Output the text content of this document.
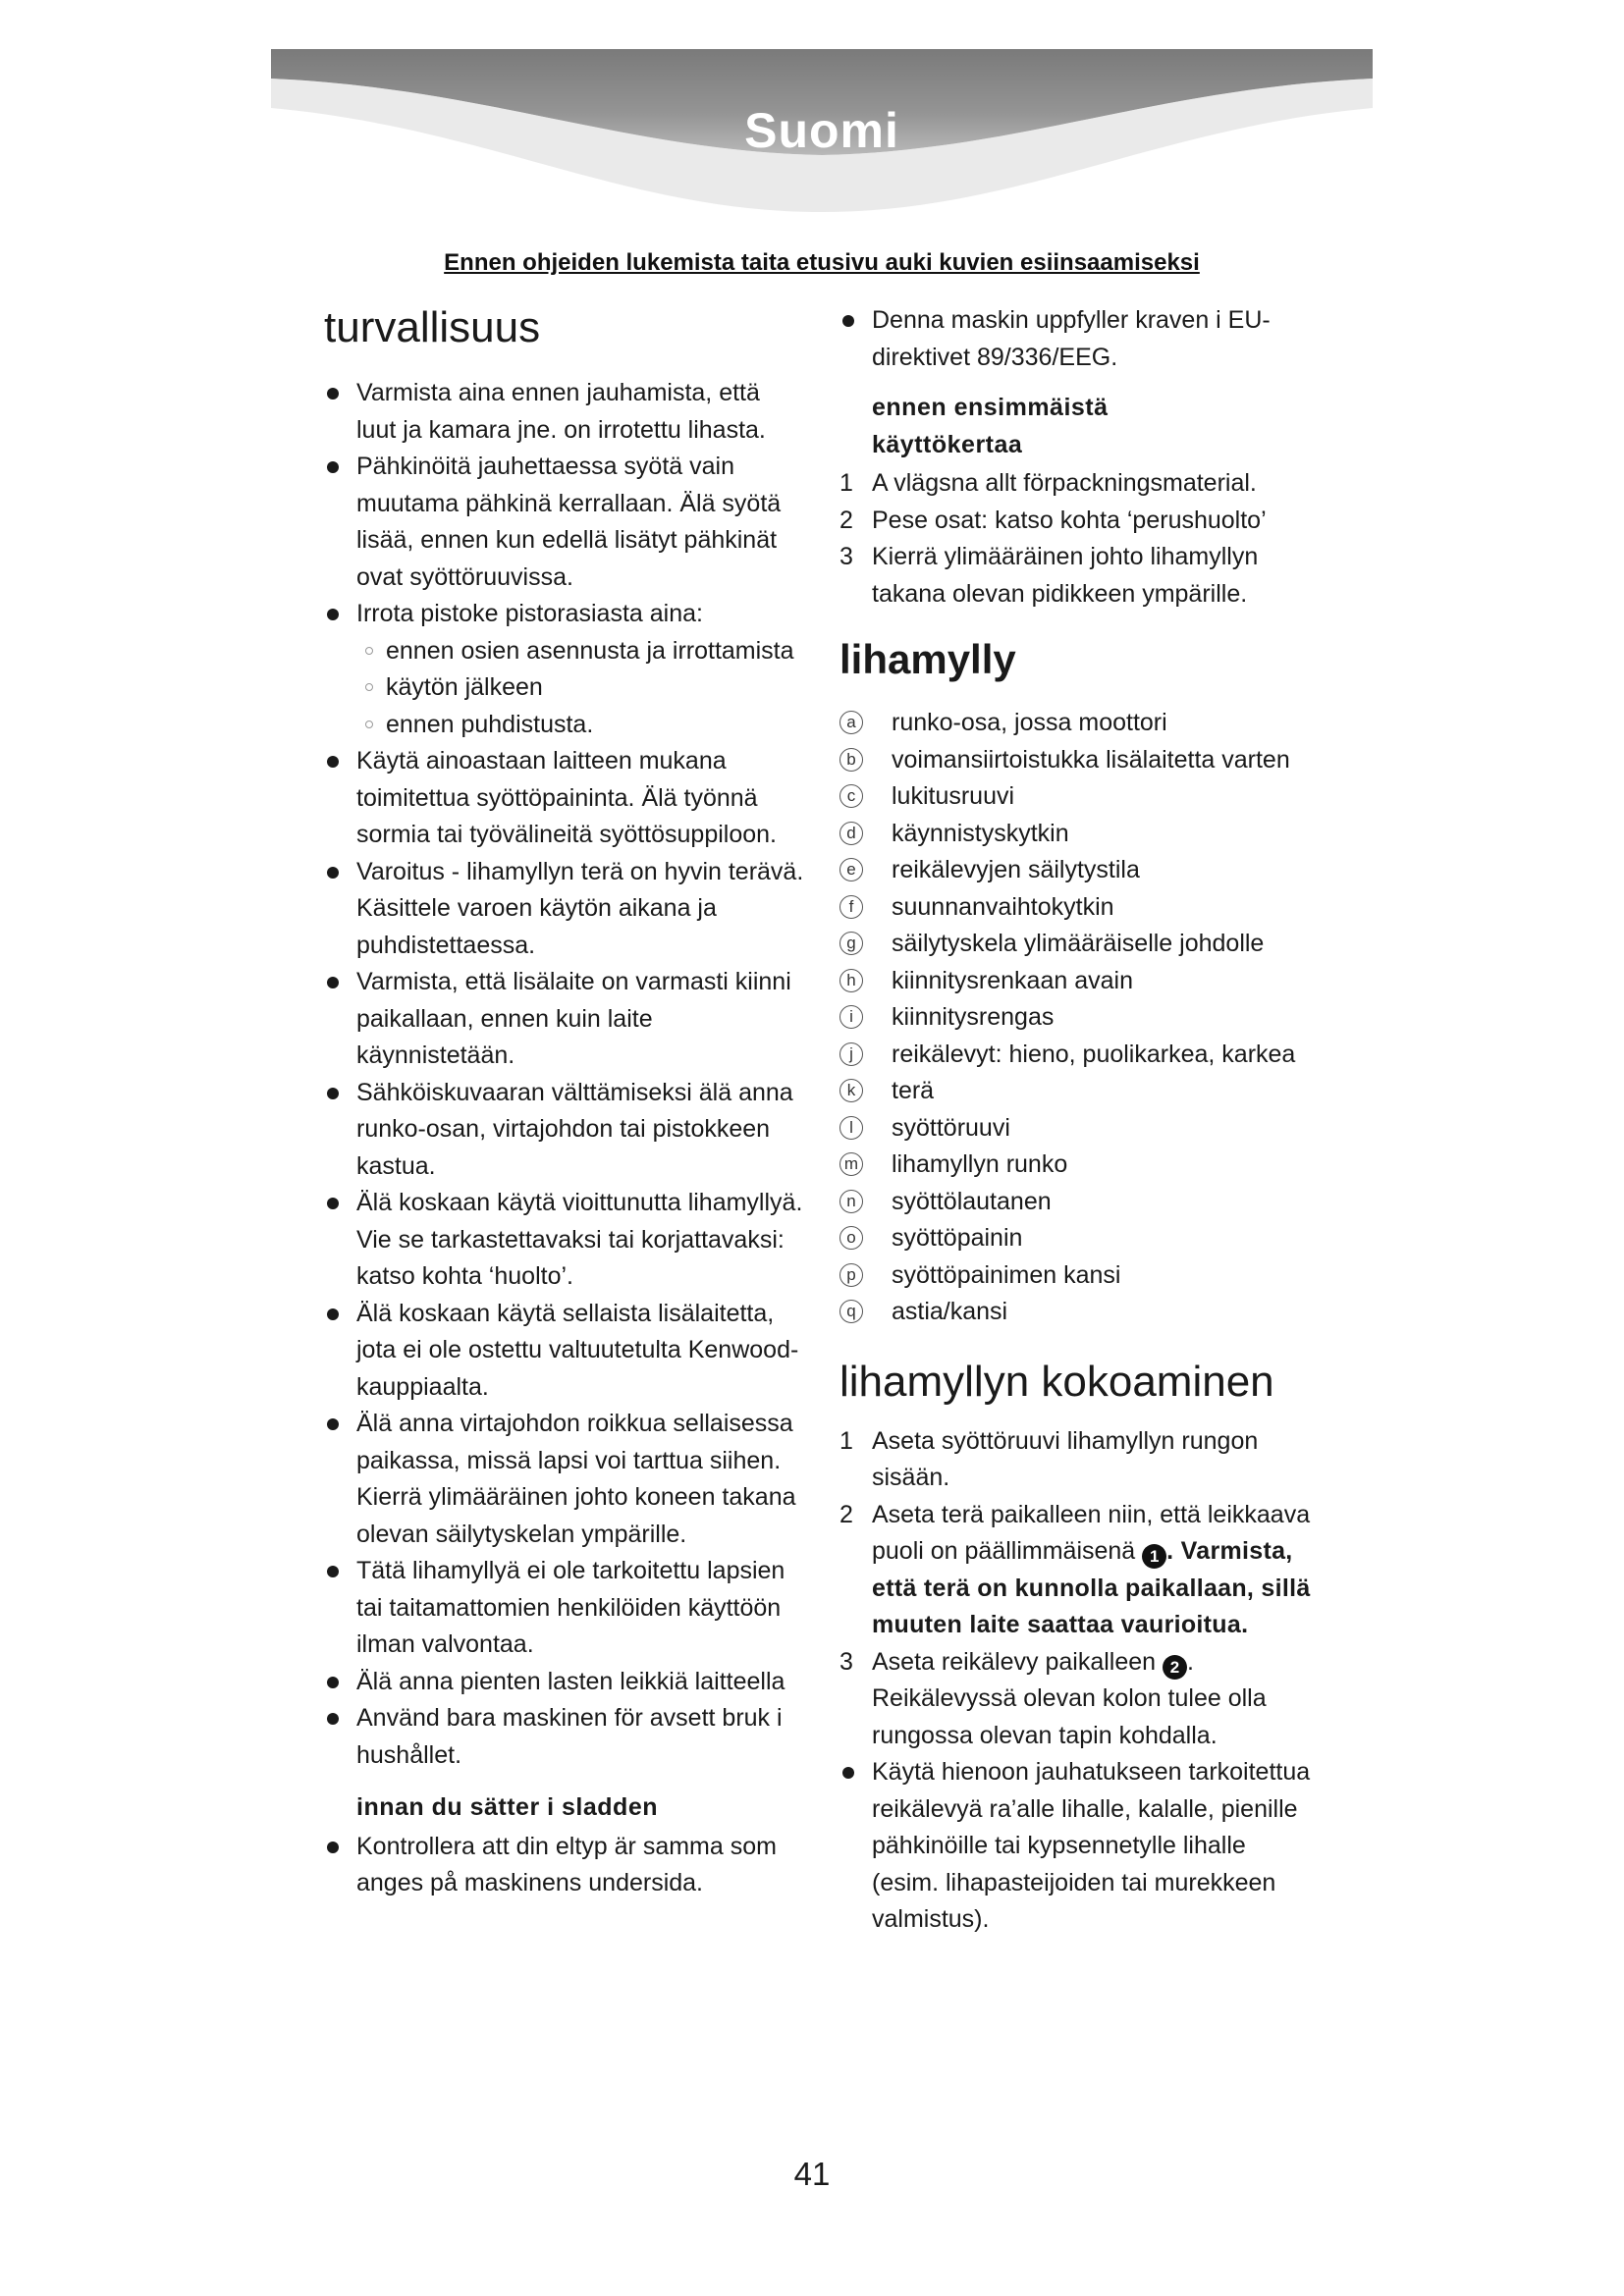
Suomi
Ennen ohjeiden lukemista taita etusivu auki kuvien esiinsaamiseksi
turvallisuus
Varmista aina ennen jauhamista, että luut ja kamara jne. on irrotettu lihasta.
Pähkinöitä jauhettaessa syötä vain muutama pähkinä kerrallaan. Älä syötä lisää, ennen kun edellä lisätyt pähkinät ovat syöttöruuvissa.
Irrota pistoke pistorasiasta aina:
ennen osien asennusta ja irrottamista
käytön jälkeen
ennen puhdistusta.
Käytä ainoastaan laitteen mukana toimitettua syöttöpaininta. Älä työnnä sormia tai työvälineitä syöttösuppiloon.
Varoitus - lihamyllyn terä on hyvin terävä. Käsittele varoen käytön aikana ja puhdistettaessa.
Varmista, että lisälaite on varmasti kiinni paikallaan, ennen kuin laite käynnistetään.
Sähköiskuvaaran välttämiseksi älä anna runko-osan, virtajohdon tai pistokkeen kastua.
Älä koskaan käytä vioittunutta lihamyllyä. Vie se tarkastettavaksi tai korjattavaksi: katso kohta ‘huolto’.
Älä koskaan käytä sellaista lisälaitetta, jota ei ole ostettu valtuutetulta Kenwood-kauppiaalta.
Älä anna virtajohdon roikkua sellaisessa paikassa, missä lapsi voi tarttua siihen. Kierrä ylimääräinen johto koneen takana olevan säilytyskelan ympärille.
Tätä lihamyllyä ei ole tarkoitettu lapsien tai taitamattomien henkilöiden käyttöön ilman valvontaa.
Älä anna pienten lasten leikkiä laitteella
Använd bara maskinen för avsett bruk i hushållet.
innan du sätter i sladden
Kontrollera att din eltyp är samma som anges på maskinens undersida.
Denna maskin uppfyller kraven i EU-direktivet 89/336/EEG.
ennen ensimmäistä käyttökertaa
1 A vlägsna allt förpackningsmaterial.
2 Pese osat: katso kohta ‘perushuolto’
3 Kierrä ylimääräinen johto lihamyllyn takana olevan pidikkeen ympärille.
lihamylly
a runko-osa, jossa moottori
b voimansiirtoistukka lisälaitetta varten
c	lukitusruuvi
d käynnistyskytkin
e reikälevyjen säilytystila
f	suunnanvaihtokytkin
g säilytyskela ylimääräiselle johdolle
h kiinnitysrenkaan avain
i	kiinnitysrengas
j	reikälevyt: hieno, puolikarkea, karkea
k	terä
l	syöttöruuvi
m lihamyllyn runko
n syöttölautanen
o syöttöpainin
p syöttöpainimen kansi
q astia/kansi
lihamyllyn kokoaminen
1 Aseta syöttöruuvi lihamyllyn rungon sisään.
2 Aseta terä paikalleen niin, että leikkaava puoli on päällimmäisenä 1 . Varmista, että terä on kunnolla paikallaan, sillä muuten laite saattaa vaurioitua.
3 Aseta reikälevy paikalleen 2 . Reikälevyssä olevan kolon tulee olla rungossa olevan tapin kohdalla.
Käytä hienoon jauhatukseen tarkoitettua reikälevyä ra’alle lihalle, kalalle, pienille pähkinöille tai kypsennetylle lihalle (esim. lihapasteijoiden tai murekkeen valmistus).
41
